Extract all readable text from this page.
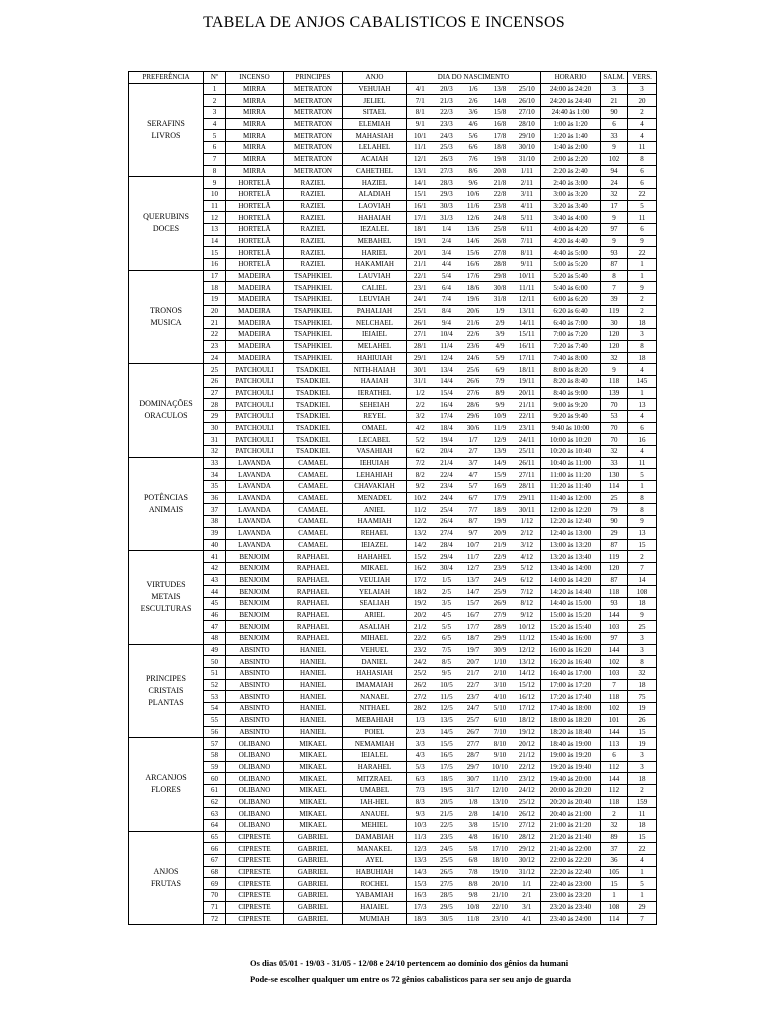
TABELA DE ANJOS CABALISTICOS E INCENSOS
PREFERÊNCIA	Nº	INCENSO	PRINCIPES	ANJO	DIA DO NASCIMENTO					HORARIO	SALM.	VERS.

SERAFINS
LIVROS	1	MIRRA	METRATON	VEHUIAH	4/1	20/3	1/6	13/8	25/10	24:00 às 24:20	3	3
	2	MIRRA	METRATON	JELIEL	7/1	21/3	2/6	14/8	26/10	24:20 às 24:40	21	20
	3	MIRRA	METRATON	SITAEL	8/1	22/3	3/6	15/8	27/10	24:40 às 1:00	90	2
	4	MIRRA	METRATON	ELEMIAH	9/1	23/3	4/6	16/8	28/10	1:00 às 1:20	6	4
	5	MIRRA	METRATON	MAHASIAH	10/1	24/3	5/6	17/8	29/10	1:20 às 1:40	33	4
	6	MIRRA	METRATON	LELAHEL	11/1	25/3	6/6	18/8	30/10	1:40 às 2:00	9	11
	7	MIRRA	METRATON	ACAIAH	12/1	26/3	7/6	19/8	31/10	2:00 às 2:20	102	8
	8	MIRRA	METRATON	CAHETHEL	13/1	27/3	8/6	20/8	1/11	2:20 às 2:40	94	6

QUERUBINS
DOCES	9	HORTELÃ	RAZIEL	HAZIEL	14/1	28/3	9/6	21/8	2/11	2:40 às 3:00	24	6
	10	HORTELÃ	RAZIEL	ALADIAH	15/1	29/3	10/6	22/8	3/11	3:00 às 3:20	32	22
	11	HORTELÃ	RAZIEL	LAOVIAH	16/1	30/3	11/6	23/8	4/11	3:20 às 3:40	17	5
	12	HORTELÃ	RAZIEL	HAHAIAH	17/1	31/3	12/6	24/8	5/11	3:40 às 4:00	9	11
	13	HORTELÃ	RAZIEL	IEZALEL	18/1	1/4	13/6	25/8	6/11	4:00 às 4:20	97	6
	14	HORTELÃ	RAZIEL	MEBAHEL	19/1	2/4	14/6	26/8	7/11	4:20 às 4:40	9	9
	15	HORTELÃ	RAZIEL	HARIEL	20/1	3/4	15/6	27/8	8/11	4:40 às 5:00	93	22
	16	HORTELÃ	RAZIEL	HAKAMIAH	21/1	4/4	16/6	28/8	9/11	5:00 às 5:20	87	1

TRONOS
MUSICA	17	MADEIRA	TSAPHKIEL	LAUVIAH	22/1	5/4	17/6	29/8	10/11	5:20 às 5:40	8	1
	18	MADEIRA	TSAPHKIEL	CALIEL	23/1	6/4	18/6	30/8	11/11	5:40 às 6:00	7	9
	19	MADEIRA	TSAPHKIEL	LEUVIAH	24/1	7/4	19/6	31/8	12/11	6:00 às 6:20	39	2
	20	MADEIRA	TSAPHKIEL	PAHALIAH	25/1	8/4	20/6	1/9	13/11	6:20 às 6:40	119	2
	21	MADEIRA	TSAPHKIEL	NELCHAEL	26/1	9/4	21/6	2/9	14/11	6:40 às 7:00	30	18
	22	MADEIRA	TSAPHKIEL	IEIAIEL	27/1	10/4	22/6	3/9	15/11	7:00 às 7:20	120	3
	23	MADEIRA	TSAPHKIEL	MELAHEL	28/1	11/4	23/6	4/9	16/11	7:20 às 7:40	120	8
	24	MADEIRA	TSAPHKIEL	HAHIUIAH	29/1	12/4	24/6	5/9	17/11	7:40 às 8:00	32	18

DOMINAÇÕES
ORACULOS	25	PATCHOULI	TSADKIEL	NITH-HAIAH	30/1	13/4	25/6	6/9	18/11	8:00 às 8:20	9	4
	26	PATCHOULI	TSADKIEL	HAAIAH	31/1	14/4	26/6	7/9	19/11	8:20 às 8:40	118	145
	27	PATCHOULI	TSADKIEL	IERATHEL	1/2	15/4	27/6	8/9	20/11	8:40 às 9:00	139	1
	28	PATCHOULI	TSADKIEL	SEHEIAH	2/2	16/4	28/6	9/9	21/11	9:00 às 9:20	70	13
	29	PATCHOULI	TSADKIEL	REYEL	3/2	17/4	29/6	10/9	22/11	9:20 às 9:40	53	4
	30	PATCHOULI	TSADKIEL	OMAEL	4/2	18/4	30/6	11/9	23/11	9:40 às 10:00	70	6
	31	PATCHOULI	TSADKIEL	LECABEL	5/2	19/4	1/7	12/9	24/11	10:00 às 10:20	70	16
	32	PATCHOULI	TSADKIEL	VASAHIAH	6/2	20/4	2/7	13/9	25/11	10:20 às 10:40	32	4

POTÊNCIAS
ANIMAIS	33	LAVANDA	CAMAEL	IEHUIAH	7/2	21/4	3/7	14/9	26/11	10:40 às 11:00	33	11
	34	LAVANDA	CAMAEL	LEHAHIAH	8/2	22/4	4/7	15/9	27/11	11:00 às 11:20	130	5
	35	LAVANDA	CAMAEL	CHAVAKIAH	9/2	23/4	5/7	16/9	28/11	11:20 às 11:40	114	1
	36	LAVANDA	CAMAEL	MENADEL	10/2	24/4	6/7	17/9	29/11	11:40 às 12:00	25	8
	37	LAVANDA	CAMAEL	ANIEL	11/2	25/4	7/7	18/9	30/11	12:00 às 12:20	79	8
	38	LAVANDA	CAMAEL	HAAMIAH	12/2	26/4	8/7	19/9	1/12	12:20 às 12:40	90	9
	39	LAVANDA	CAMAEL	REHAEL	13/2	27/4	9/7	20/9	2/12	12:40 às 13:00	29	13
	40	LAVANDA	CAMAEL	IEIAZEL	14/2	28/4	10/7	21/9	3/12	13:00 às 13:20	87	15

VIRTUDES
METAIS
ESCULTURAS	41	BENJOIM	RAPHAEL	HAHAHEL	15/2	29/4	11/7	22/9	4/12	13:20 às 13:40	119	2
	42	BENJOIM	RAPHAEL	MIKAEL	16/2	30/4	12/7	23/9	5/12	13:40 às 14:00	120	7
	43	BENJOIM	RAPHAEL	VEULIAH	17/2	1/5	13/7	24/9	6/12	14:00 às 14:20	87	14
	44	BENJOIM	RAPHAEL	YELAIAH	18/2	2/5	14/7	25/9	7/12	14:20 às 14:40	118	108
	45	BENJOIM	RAPHAEL	SEALIAH	19/2	3/5	15/7	26/9	8/12	14:40 às 15:00	93	18
	46	BENJOIM	RAPHAEL	ARIEL	20/2	4/5	16/7	27/9	9/12	15:00 às 15:20	144	9
	47	BENJOIM	RAPHAEL	ASALIAH	21/2	5/5	17/7	28/9	10/12	15:20 às 15:40	103	25
	48	BENJOIM	RAPHAEL	MIHAEL	22/2	6/5	18/7	29/9	11/12	15:40 às 16:00	97	3

PRINCIPES
CRISTAIS
PLANTAS	49	ABSINTO	HANIEL	VEHUEL	23/2	7/5	19/7	30/9	12/12	16:00 às 16:20	144	3
	50	ABSINTO	HANIEL	DANIEL	24/2	8/5	20/7	1/10	13/12	16:20 às 16:40	102	8
	51	ABSINTO	HANIEL	HAHASIAH	25/2	9/5	21/7	2/10	14/12	16:40 às 17:00	103	32
	52	ABSINTO	HANIEL	IMAMAIAH	26/2	10/5	22/7	3/10	15/12	17:00 às 17:20	7	18
	53	ABSINTO	HANIEL	NANAEL	27/2	11/5	23/7	4/10	16/12	17:20 às 17:40	118	75
	54	ABSINTO	HANIEL	NITHAEL	28/2	12/5	24/7	5/10	17/12	17:40 às 18:00	102	19
	55	ABSINTO	HANIEL	MEBAHIAH	1/3	13/5	25/7	6/10	18/12	18:00 às 18:20	101	26
	56	ABSINTO	HANIEL	POIEL	2/3	14/5	26/7	7/10	19/12	18:20 às 18:40	144	15

ARCANJOS
FLORES	57	OLIBANO	MIKAEL	NEMAMIAH	3/3	15/5	27/7	8/10	20/12	18:40 às 19:00	113	19
	58	OLIBANO	MIKAEL	IEIALEL	4/3	16/5	28/7	9/10	21/12	19:00 às 19:20	6	3
	59	OLIBANO	MIKAEL	HARAHEL	5/3	17/5	29/7	10/10	22/12	19:20 às 19:40	112	3
	60	OLIBANO	MIKAEL	MITZRAEL	6/3	18/5	30/7	11/10	23/12	19:40 às 20:00	144	18
	61	OLIBANO	MIKAEL	UMABEL	7/3	19/5	31/7	12/10	24/12	20:00 às 20:20	112	2
	62	OLIBANO	MIKAEL	IAH-HEL	8/3	20/5	1/8	13/10	25/12	20:20 às 20:40	118	159
	63	OLIBANO	MIKAEL	ANAUEL	9/3	21/5	2/8	14/10	26/12	20:40 às 21:00	2	11
	64	OLIBANO	MIKAEL	MEHIEL	10/3	22/5	3/8	15/10	27/12	21:00 às 21:20	32	18

ANJOS
FRUTAS	65	CIPRESTE	GABRIEL	DAMABIAH	11/3	23/5	4/8	16/10	28/12	21:20 às 21:40	89	15
	66	CIPRESTE	GABRIEL	MANAKEL	12/3	24/5	5/8	17/10	29/12	21:40 às 22:00	37	22
	67	CIPRESTE	GABRIEL	AYEL	13/3	25/5	6/8	18/10	30/12	22:00 às 22:20	36	4
	68	CIPRESTE	GABRIEL	HABUHIAH	14/3	26/5	7/8	19/10	31/12	22:20 às 22:40	105	1
	69	CIPRESTE	GABRIEL	ROCHEL	15/3	27/5	8/8	20/10	1/1	22:40 às 23:00	15	5
	70	CIPRESTE	GABRIEL	YABAMIAH	16/3	28/5	9/8	21/10	2/1	23:00 às 23:20	1	1
	71	CIPRESTE	GABRIEL	HAIAIEL	17/3	29/5	10/8	22/10	3/1	23:20 às 23:40	108	29
	72	CIPRESTE	GABRIEL	MUMIAH	18/3	30/5	11/8	23/10	4/1	23:40 às 24:00	114	7
Os dias 05/01 - 19/03 - 31/05 - 12/08 e 24/10 pertencem ao domínio dos gênios da humani
Pode-se escolher qualquer um entre os 72 gênios cabalisticos para ser seu anjo de guarda
